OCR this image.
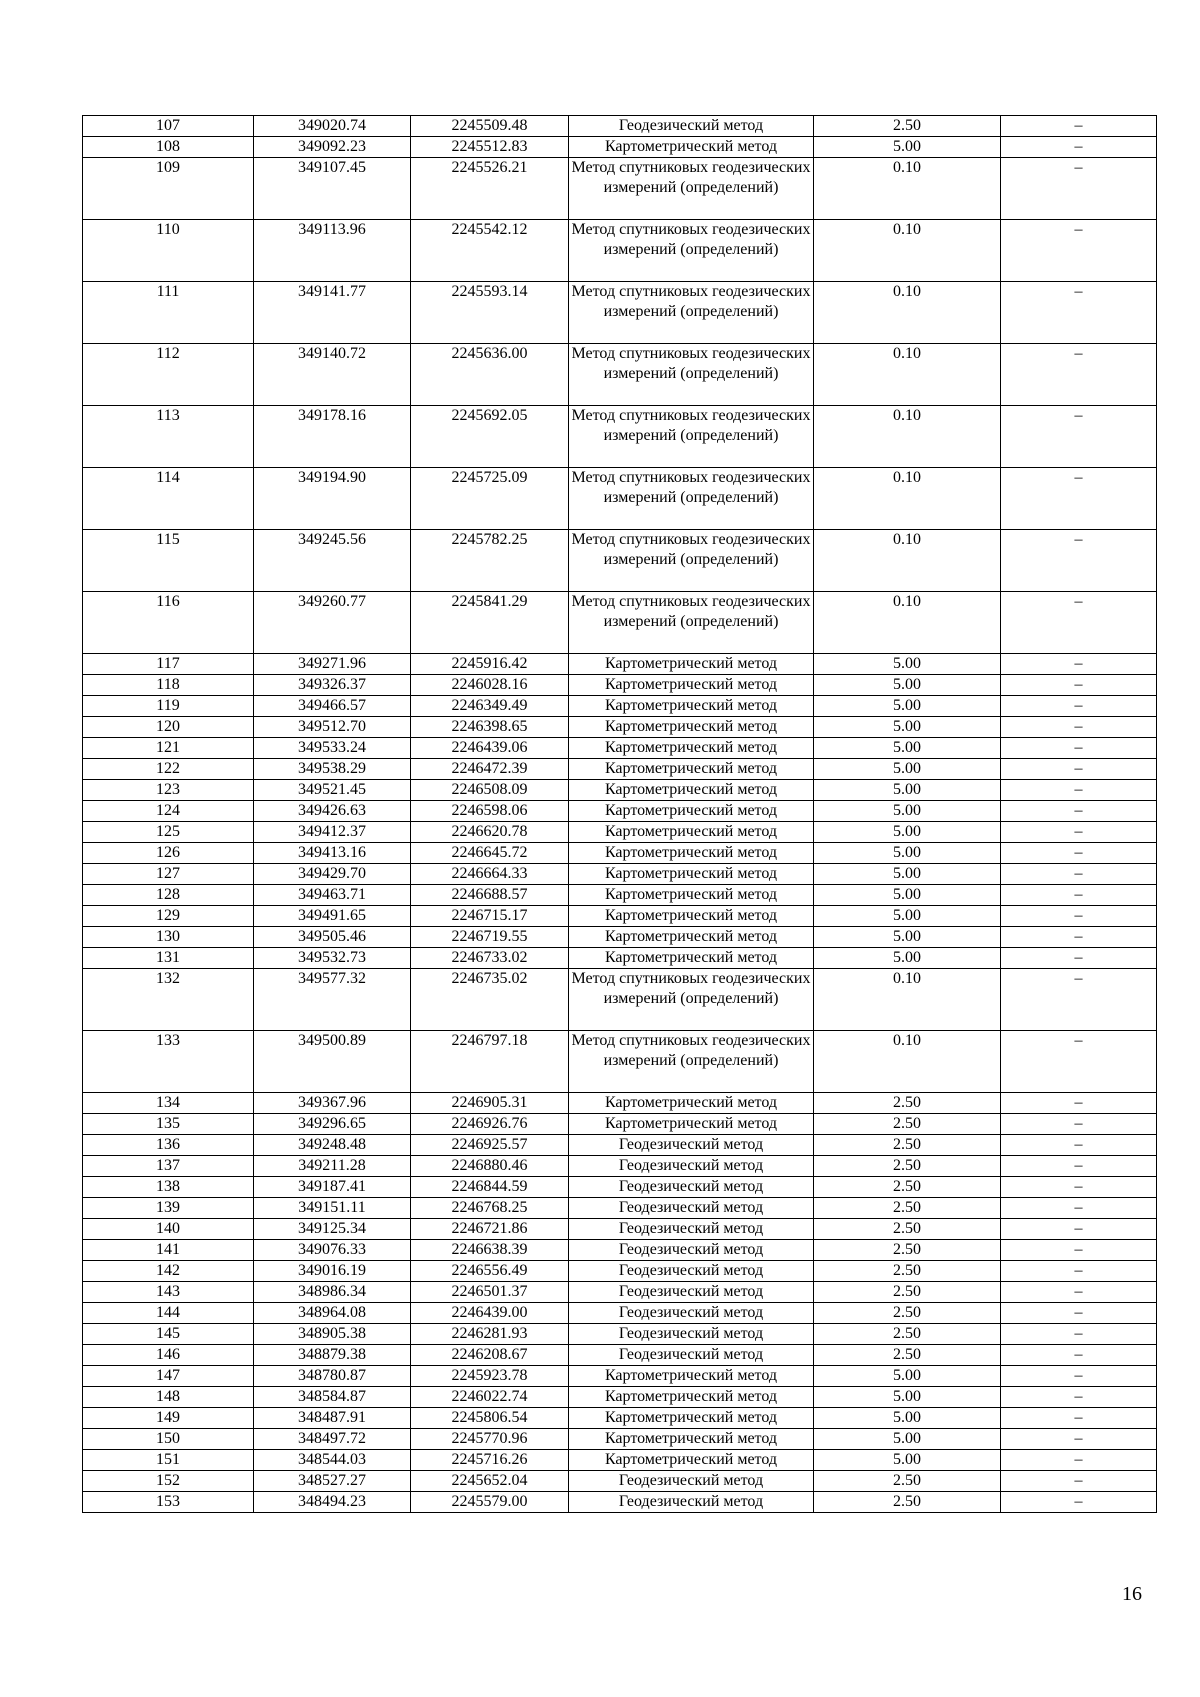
107	349020.74	2245509.48	Геодезический метод	2.50	–
108	349092.23	2245512.83	Картометрический метод	5.00	–
109	349107.45	2245526.21	Метод спутниковых геодезических измерений (определений)	0.10	–
110	349113.96	2245542.12	Метод спутниковых геодезических измерений (определений)	0.10	–
111	349141.77	2245593.14	Метод спутниковых геодезических измерений (определений)	0.10	–
112	349140.72	2245636.00	Метод спутниковых геодезических измерений (определений)	0.10	–
113	349178.16	2245692.05	Метод спутниковых геодезических измерений (определений)	0.10	–
114	349194.90	2245725.09	Метод спутниковых геодезических измерений (определений)	0.10	–
115	349245.56	2245782.25	Метод спутниковых геодезических измерений (определений)	0.10	–
116	349260.77	2245841.29	Метод спутниковых геодезических измерений (определений)	0.10	–
117	349271.96	2245916.42	Картометрический метод	5.00	–
118	349326.37	2246028.16	Картометрический метод	5.00	–
119	349466.57	2246349.49	Картометрический метод	5.00	–
120	349512.70	2246398.65	Картометрический метод	5.00	–
121	349533.24	2246439.06	Картометрический метод	5.00	–
122	349538.29	2246472.39	Картометрический метод	5.00	–
123	349521.45	2246508.09	Картометрический метод	5.00	–
124	349426.63	2246598.06	Картометрический метод	5.00	–
125	349412.37	2246620.78	Картометрический метод	5.00	–
126	349413.16	2246645.72	Картометрический метод	5.00	–
127	349429.70	2246664.33	Картометрический метод	5.00	–
128	349463.71	2246688.57	Картометрический метод	5.00	–
129	349491.65	2246715.17	Картометрический метод	5.00	–
130	349505.46	2246719.55	Картометрический метод	5.00	–
131	349532.73	2246733.02	Картометрический метод	5.00	–
132	349577.32	2246735.02	Метод спутниковых геодезических измерений (определений)	0.10	–
133	349500.89	2246797.18	Метод спутниковых геодезических измерений (определений)	0.10	–
134	349367.96	2246905.31	Картометрический метод	2.50	–
135	349296.65	2246926.76	Картометрический метод	2.50	–
136	349248.48	2246925.57	Геодезический метод	2.50	–
137	349211.28	2246880.46	Геодезический метод	2.50	–
138	349187.41	2246844.59	Геодезический метод	2.50	–
139	349151.11	2246768.25	Геодезический метод	2.50	–
140	349125.34	2246721.86	Геодезический метод	2.50	–
141	349076.33	2246638.39	Геодезический метод	2.50	–
142	349016.19	2246556.49	Геодезический метод	2.50	–
143	348986.34	2246501.37	Геодезический метод	2.50	–
144	348964.08	2246439.00	Геодезический метод	2.50	–
145	348905.38	2246281.93	Геодезический метод	2.50	–
146	348879.38	2246208.67	Геодезический метод	2.50	–
147	348780.87	2245923.78	Картометрический метод	5.00	–
148	348584.87	2246022.74	Картометрический метод	5.00	–
149	348487.91	2245806.54	Картометрический метод	5.00	–
150	348497.72	2245770.96	Картометрический метод	5.00	–
151	348544.03	2245716.26	Картометрический метод	5.00	–
152	348527.27	2245652.04	Геодезический метод	2.50	–
153	348494.23	2245579.00	Геодезический метод	2.50	–
16
